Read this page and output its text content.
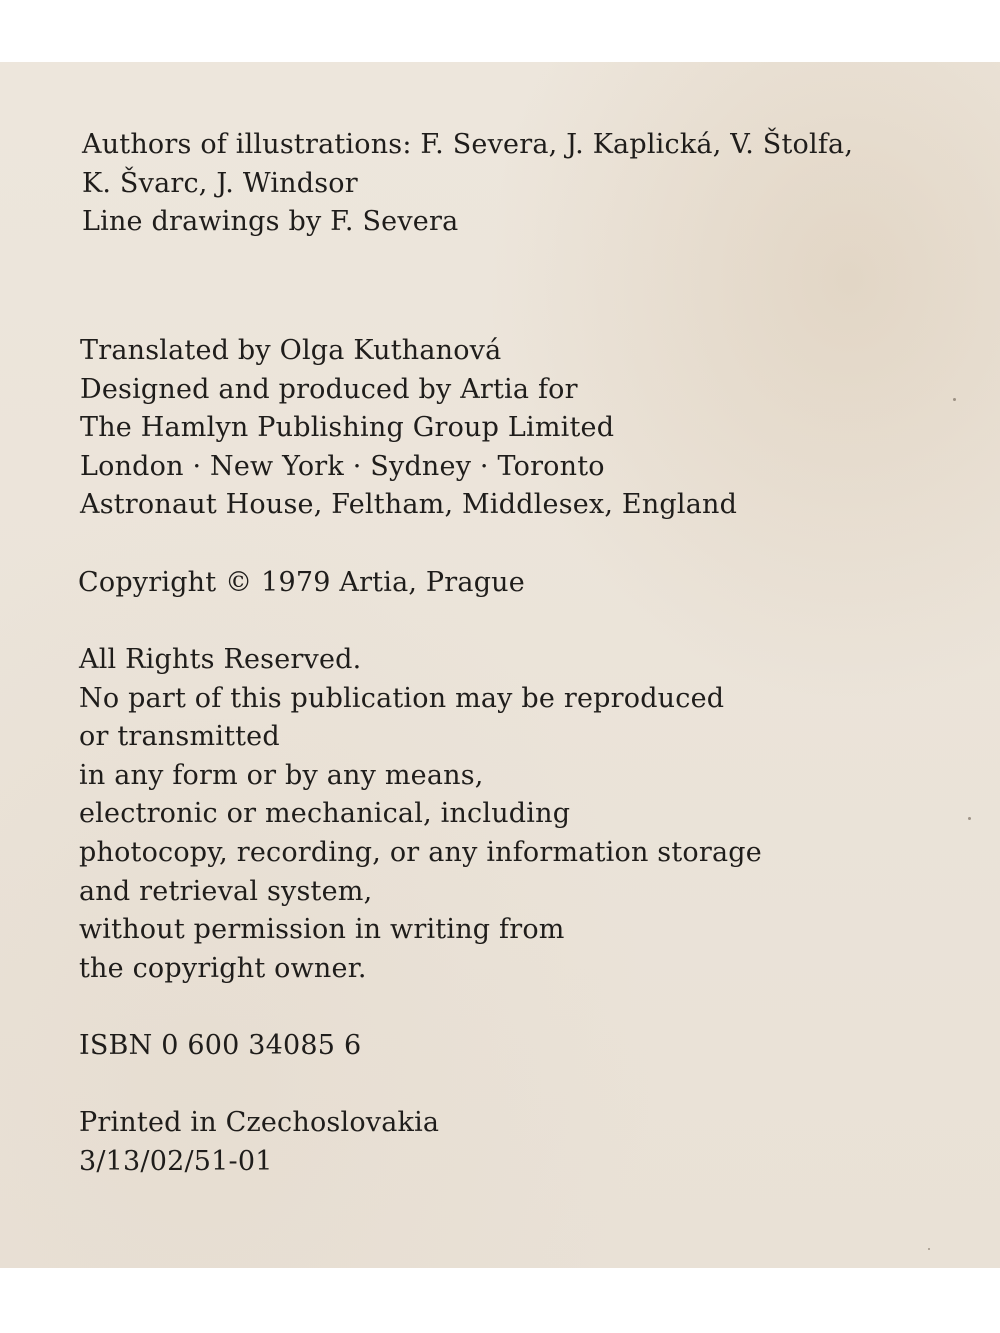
Authors of illustrations: F. Severa, J. Kaplická, V. Štolfa,
K. Švarc, J. Windsor
Line drawings by F. Severa
Translated by Olga Kuthanová
Designed and produced by Artia for
The Hamlyn Publishing Group Limited
London · New York · Sydney · Toronto
Astronaut House, Feltham, Middlesex, England
Copyright © 1979 Artia, Prague
All Rights Reserved.
No part of this publication may be reproduced
or transmitted
in any form or by any means,
electronic or mechanical, including
photocopy, recording, or any information storage
and retrieval system,
without permission in writing from
the copyright owner.
ISBN 0 600 34085 6
Printed in Czechoslovakia
3/13/02/51-01
